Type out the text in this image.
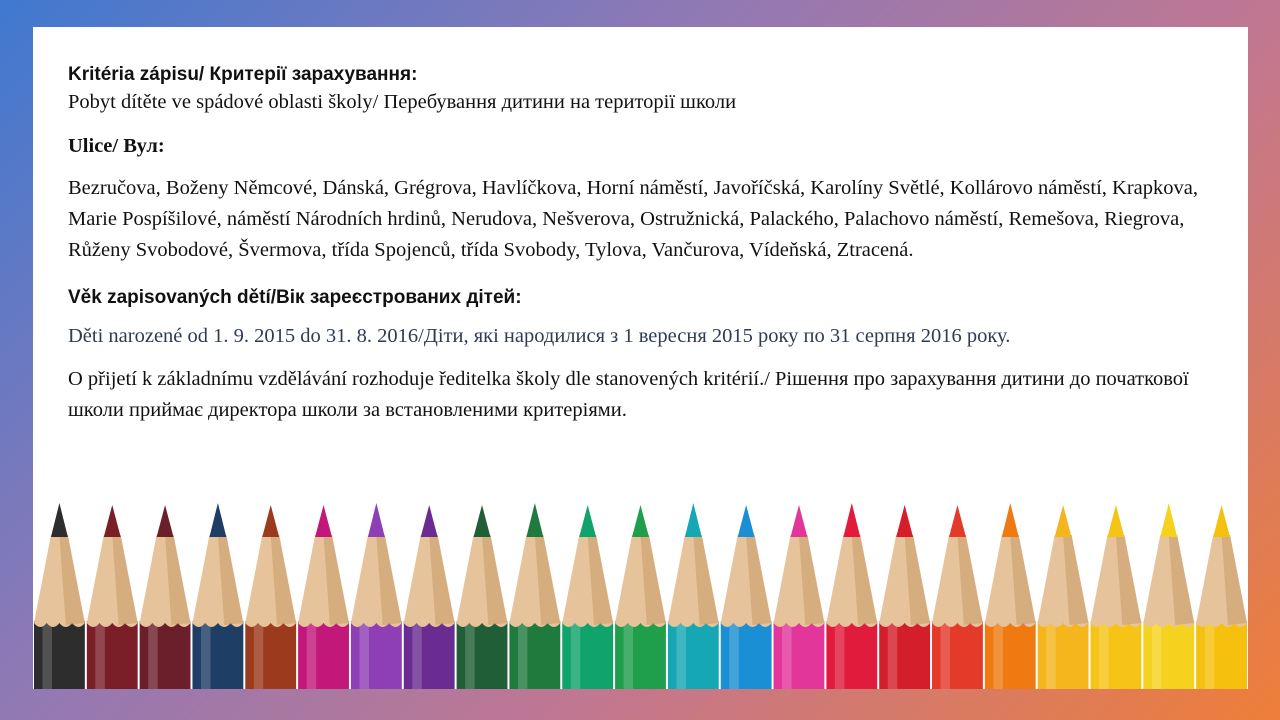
Kritéria zápisu/ Критерії зарахування:
Pobyt dítěte ve spádové oblasti školy/ Перебування дитини на території школи
Ulice/ Вул:
Bezručova, Boženy Němcové, Dánská, Grégrova, Havlíčkova, Horní náměstí, Javoříčská, Karolíny Světlé, Kollárovo náměstí, Krapkova, Marie Pospíšilové, náměstí Národních hrdinů, Nerudova, Nešverova, Ostružnická, Palackého, Palachovo náměstí, Remešova, Riegrova, Růženy Svobodové, Švermova, třída Spojenců, třída Svobody, Tylova, Vančurova, Vídeňská, Ztracená.
Věk zapisovaných dětí/Вік зареєстрованих дітей:
Děti narozené od 1. 9. 2015 do 31. 8. 2016/Діти, які народилися з 1 вересня 2015 року по 31 серпня 2016 року.
O přijetí k základnímu vzdělávání rozhoduje ředitelka školy dle stanovených kritérií./ Рішення про зарахування дитини до початкової школи приймає директора школи за встановленими критеріями.
